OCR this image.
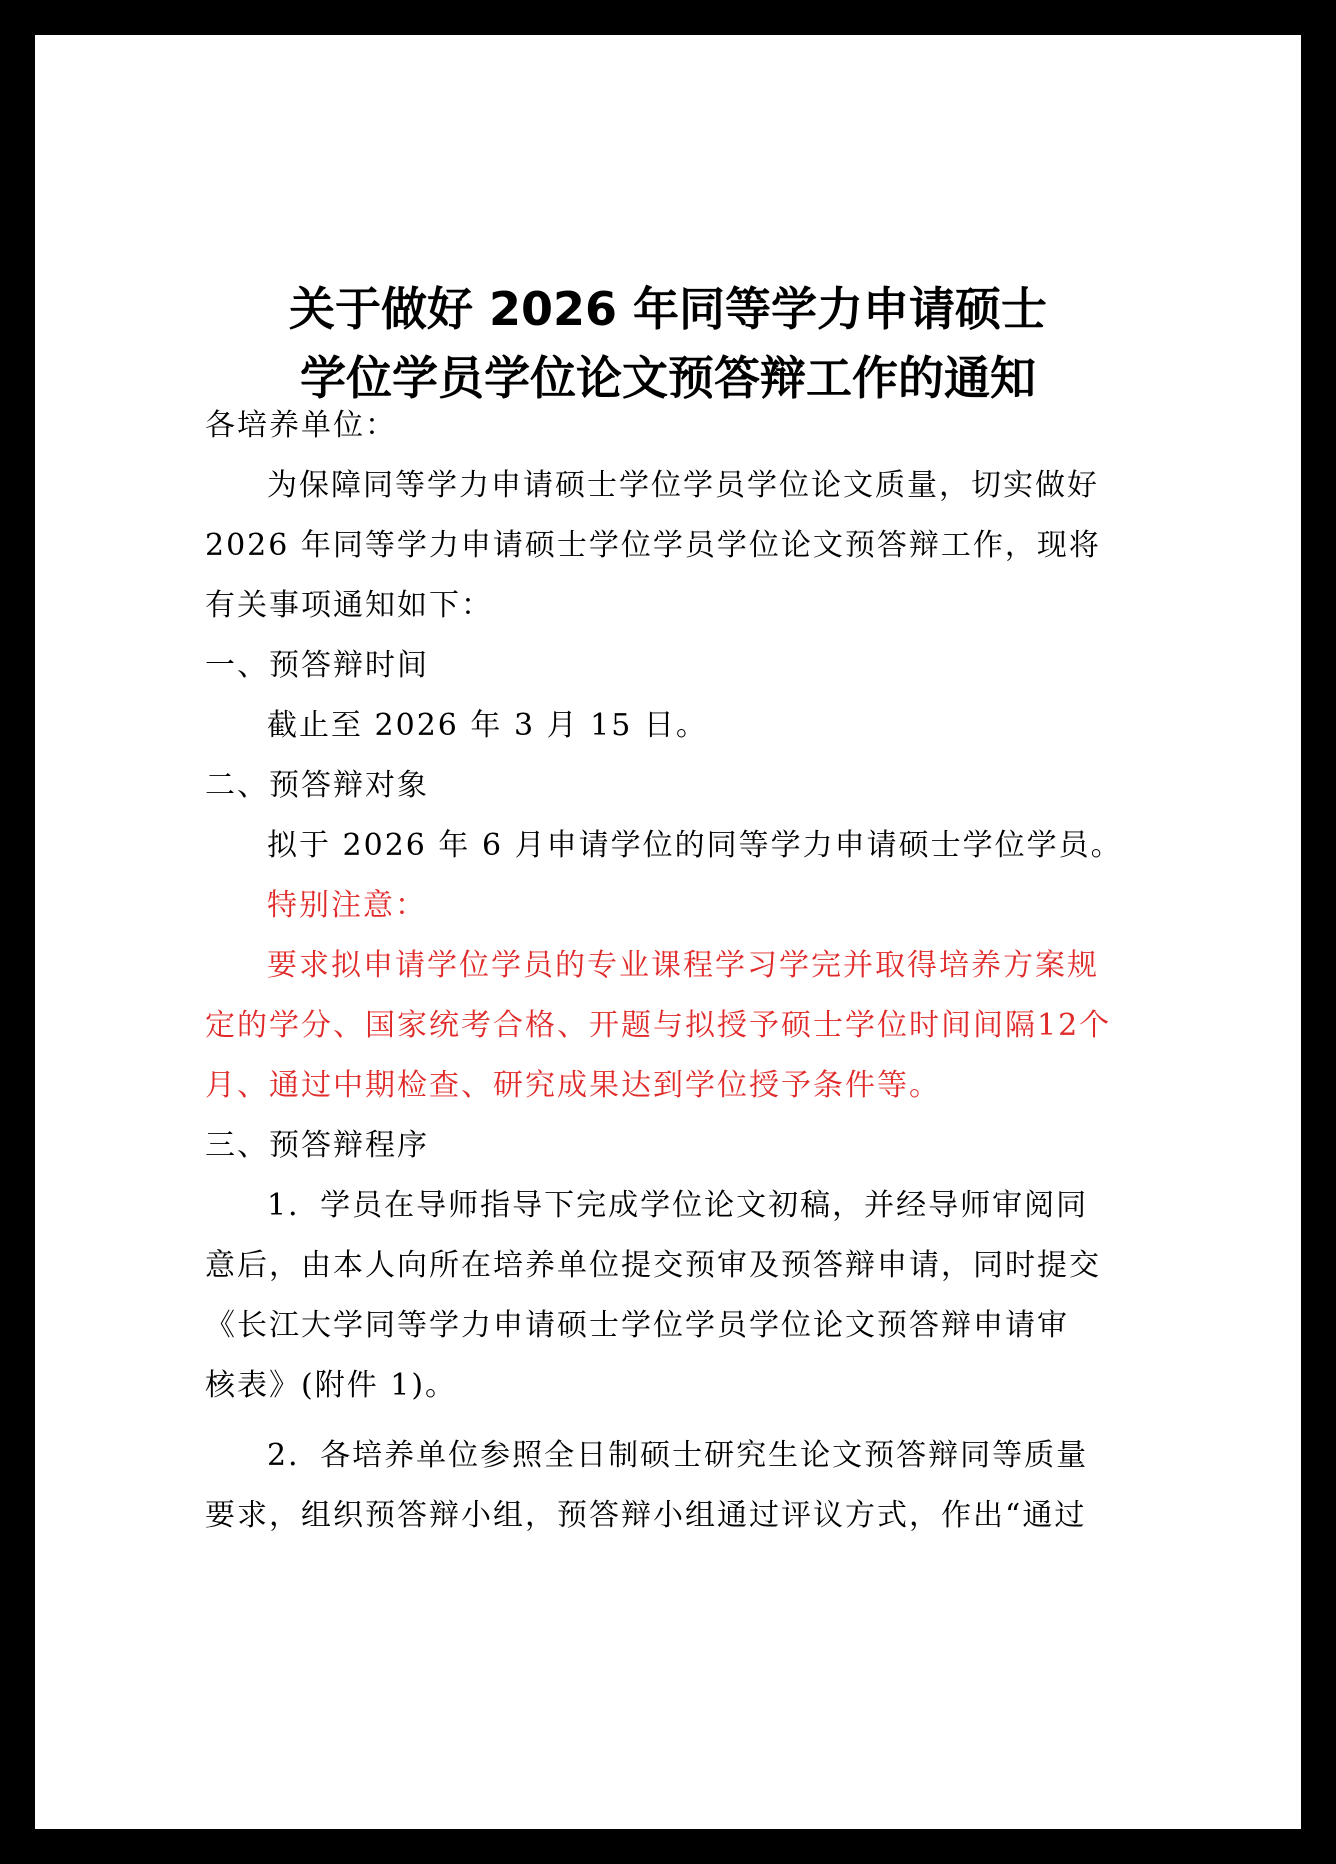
关于做好 2026 年同等学力申请硕士
学位学员学位论文预答辩工作的通知
各培养单位：
为保障同等学力申请硕士学位学员学位论文质量，切实做好
2026 年同等学力申请硕士学位学员学位论文预答辩工作，现将
有关事项通知如下：
一、预答辩时间
截止至 2026 年 3 月 15 日。
二、预答辩对象
拟于 2026 年 6 月申请学位的同等学力申请硕士学位学员。
特别注意：
要求拟申请学位学员的专业课程学习学完并取得培养方案规
定的学分、国家统考合格、开题与拟授予硕士学位时间间隔12个
月、通过中期检查、研究成果达到学位授予条件等。
三、预答辩程序
1．学员在导师指导下完成学位论文初稿，并经导师审阅同
意后，由本人向所在培养单位提交预审及预答辩申请，同时提交
《长江大学同等学力申请硕士学位学员学位论文预答辩申请审
核表》(附件 1)。
2．各培养单位参照全日制硕士研究生论文预答辩同等质量
要求，组织预答辩小组，预答辩小组通过评议方式，作出“通过
